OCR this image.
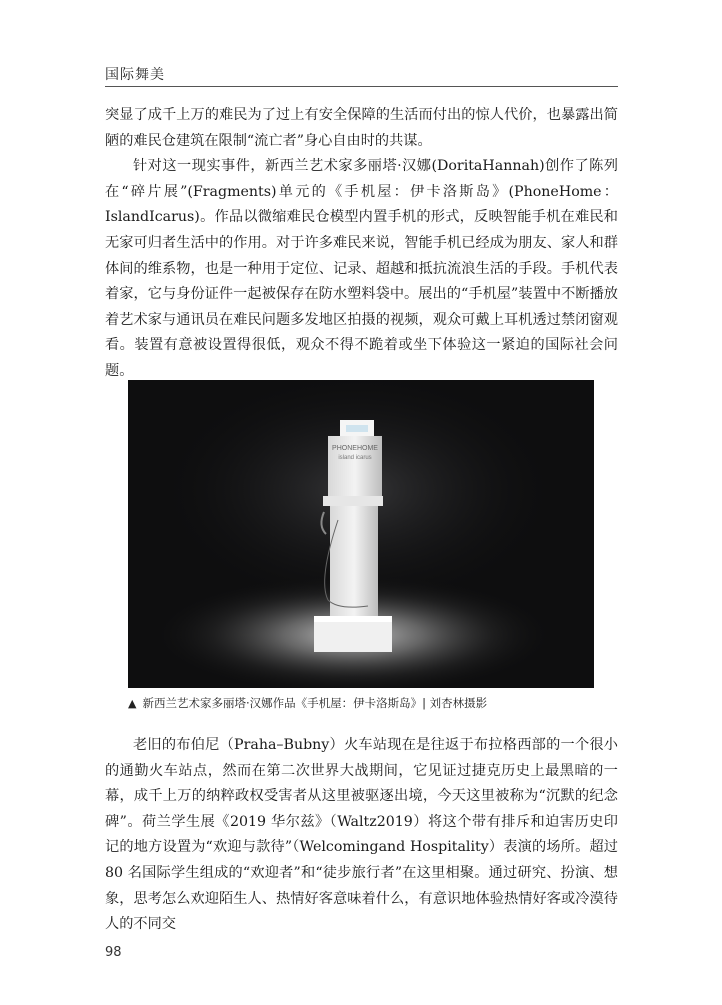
国际舞美

突显了成千上万的难民为了过上有安全保障的生活而付出的惊人代价，也暴露出简陋的难民仓建筑在限制“流亡者”身心自由时的共谋。

针对这一现实事件，新西兰艺术家多丽塔·汉娜(DoritaHannah)创作了陈列在“碎片展”(Fragments)单元的《手机屋：伊卡洛斯岛》(PhoneHome：IslandIcarus)。作品以微缩难民仓模型内置手机的形式，反映智能手机在难民和无家可归者生活中的作用。对于许多难民来说，智能手机已经成为朋友、家人和群体间的维系物，也是一种用于定位、记录、超越和抵抗流浪生活的手段。手机代表着家，它与身份证件一起被保存在防水塑料袋中。展出的“手机屋”装置中不断播放着艺术家与通讯员在难民问题多发地区拍摄的视频，观众可戴上耳机透过禁闭窗观看。装置有意被设置得很低，观众不得不跪着或坐下体验这一紧迫的国际社会问题。

PHONEHOME
island icarus
▲ 新西兰艺术家多丽塔·汉娜作品《手机屋：伊卡洛斯岛》| 刘杏林摄影

老旧的布伯尼（Praha–Bubny）火车站现在是往返于布拉格西部的一个很小的通勤火车站点，然而在第二次世界大战期间，它见证过捷克历史上最黑暗的一幕，成千上万的纳粹政权受害者从这里被驱逐出境，今天这里被称为“沉默的纪念碑”。荷兰学生展《2019 华尔兹》（Waltz2019）将这个带有排斥和迫害历史印记的地方设置为“欢迎与款待”（Welcomingand Hospitality）表演的场所。超过 80 名国际学生组成的“欢迎者”和“徒步旅行者”在这里相聚。通过研究、扮演、想象，思考怎么欢迎陌生人、热情好客意味着什么，有意识地体验热情好客或冷漠待人的不同交

98
